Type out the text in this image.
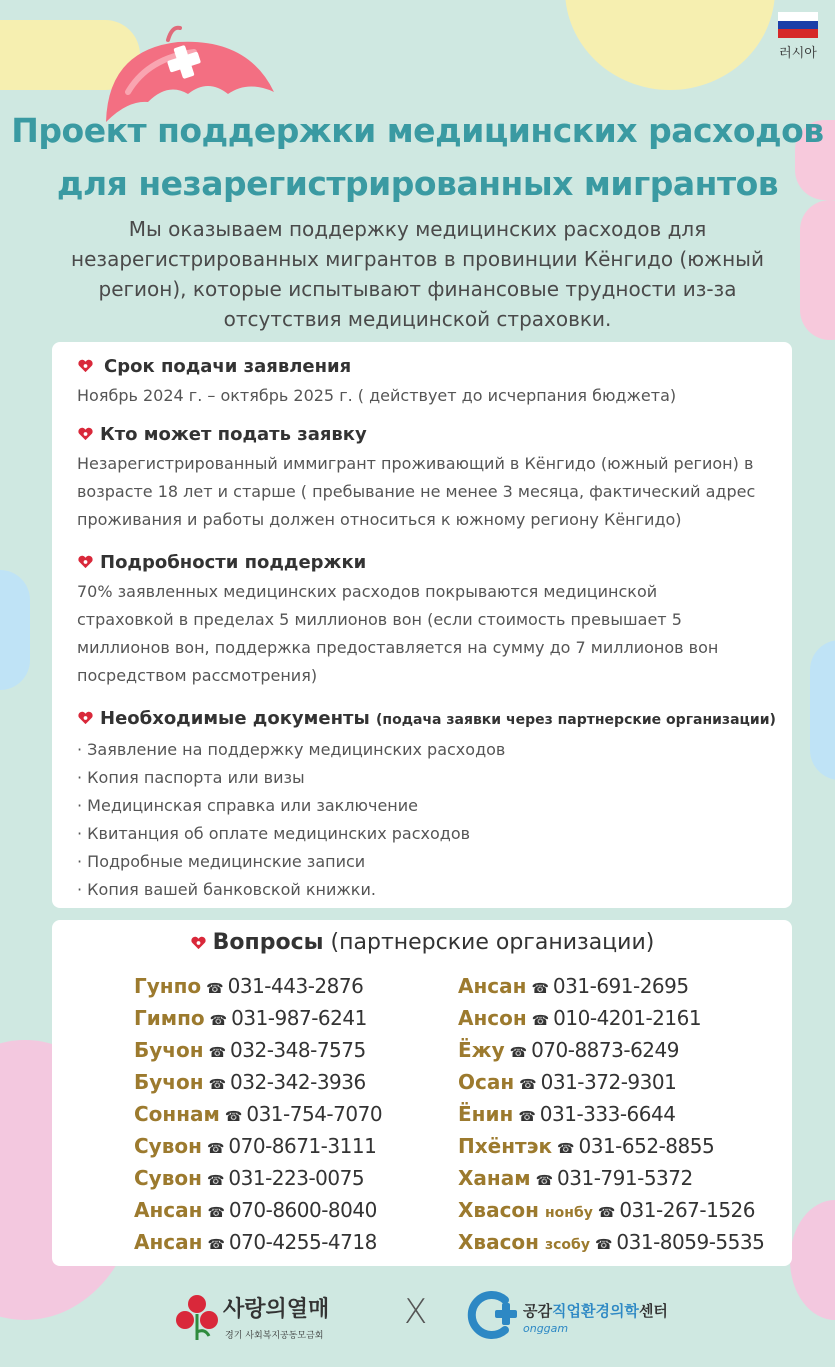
러시아
Проект поддержки медицинских расходов
для незарегистрированных мигрантов
Мы оказываем поддержку медицинских расходов для незарегистрированных мигрантов в провинции Кёнгидо (южный регион), которые испытывают финансовые трудности из-за отсутствия медицинской страховки.
Срок подачи заявления
Ноябрь 2024 г. – октябрь 2025 г. ( действует до исчерпания бюджета)
Кто может подать заявку
Незарегистрированный иммигрант проживающий в Кёнгидо (южный регион) в возрасте 18 лет и старше ( пребывание не менее 3 месяца, фактический адрес проживания и работы должен относиться к южному региону Кёнгидо)
Подробности поддержки
70% заявленных медицинских расходов покрываются медицинской страховкой в пределах 5 миллионов вон (если стоимость превышает 5 миллионов вон, поддержка предоставляется на сумму до 7 миллионов вон посредством рассмотрения)
Необходимые документы (подача заявки через партнерские организации)
· Заявление на поддержку медицинских расходов
· Копия паспорта или визы
· Медицинская справка или заключение
· Квитанция об оплате медицинских расходов
· Подробные медицинские записи
· Копия вашей банковской книжки.
Вопросы (партнерские организации)
Гунпо ☎ 031-443-2876
Гимпо ☎ 031-987-6241
Бучон ☎ 032-348-7575
Бучон ☎ 032-342-3936
Соннам ☎ 031-754-7070
Сувон ☎ 070-8671-3111
Сувон ☎ 031-223-0075
Ансан ☎ 070-8600-8040
Ансан ☎ 070-4255-4718
Ансан ☎ 031-691-2695
Ансон ☎ 010-4201-2161
Ёжу ☎ 070-8873-6249
Осан ☎ 031-372-9301
Ёнин ☎ 031-333-6644
Пхёнтэк ☎ 031-652-8855
Ханам ☎ 031-791-5372
Хвасон нонбу ☎ 031-267-1526
Хвасон зсобу ☎ 031-8059-5535
사랑의열매
경기 사회복지공동모금회
X	공감직업환경의학센터
onggam
